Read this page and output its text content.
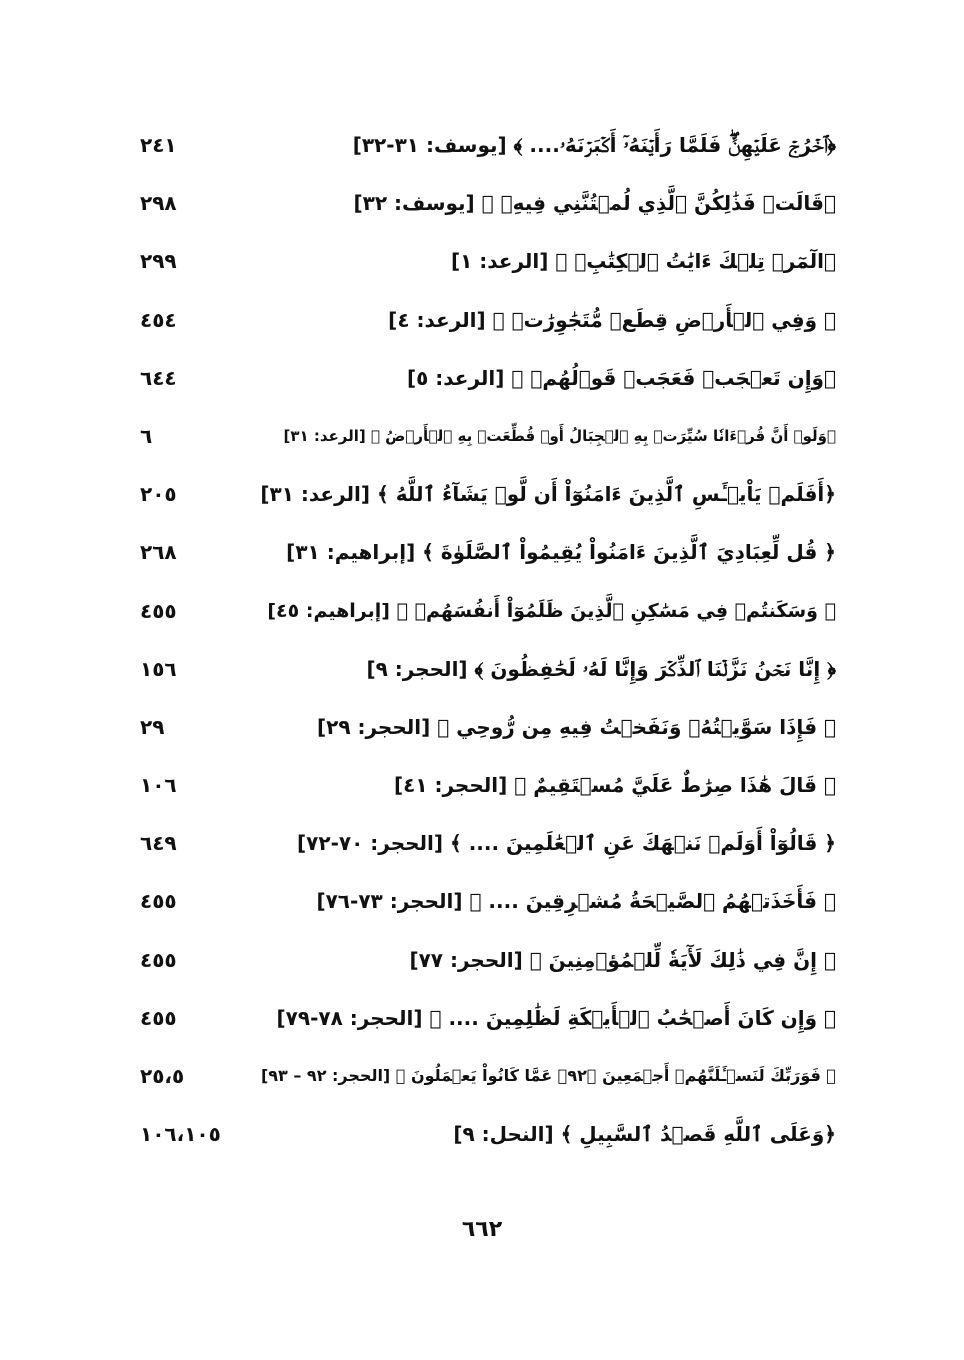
﴿ٱخۡرُجۡ عَلَيۡهِنَّۖ فَلَمَّا رَأَيۡنَهُۥٓ أَكۡبَرۡنَهُۥ.... ﴾ [يوسف: ٣١-٣٢]
٢٤١
﴿قَالَتۡ فَذَٰلِكُنَّ ٱلَّذِي لُمۡتُنَّنِي فِيهِۖ ﴾ [يوسف: ٣٢]
٢٩٨
﴿الٓمٓرۚ تِلۡكَ ءَايَٰتُ ٱلۡكِتَٰبِۗ ﴾ [الرعد: ١]
٢٩٩
﴿ وَفِي ٱلۡأَرۡضِ قِطَعٞ مُّتَجَٰوِرَٰتٞ ﴾ [الرعد: ٤]
٤٥٤
﴿وَإِن تَعۡجَبۡ فَعَجَبٞ قَوۡلُهُمۡ ﴾ [الرعد: ٥]
٦٤٤
﴿وَلَوۡ أَنَّ قُرۡءَانٗا سُيِّرَتۡ بِهِ ٱلۡجِبَالُ أَوۡ قُطِّعَتۡ بِهِ ٱلۡأَرۡضُ ﴾ [الرعد: ٣١]
٦
﴿أَفَلَمۡ يَاْيۡـَٔسِ ٱلَّذِينَ ءَامَنُوٓاْ أَن لَّوۡ يَشَآءُ ٱللَّهُ ﴾ [الرعد: ٣١]
٢٠٥
﴿ قُل لِّعِبَادِيَ ٱلَّذِينَ ءَامَنُواْ يُقِيمُواْ ٱلصَّلَوٰةَ ﴾ [إبراهيم: ٣١]
٢٦٨
﴿ وَسَكَنتُمۡ فِي مَسَٰكِنِ ٱلَّذِينَ ظَلَمُوٓاْ أَنفُسَهُمۡ ﴾ [إبراهيم: ٤٥]
٤٥٥
﴿ إِنَّا نَحۡنُ نَزَّلۡنَا ٱلذِّكۡرَ وَإِنَّا لَهُۥ لَحَٰفِظُونَ ﴾ [الحجر: ٩]
١٥٦
﴿ فَإِذَا سَوَّيۡتُهُۥ وَنَفَخۡتُ فِيهِ مِن رُّوحِي ﴾ [الحجر: ٢٩]
٢٩
﴿ قَالَ هَٰذَا صِرَٰطٌ عَلَيَّ مُسۡتَقِيمٌ ﴾ [الحجر: ٤١]
١٠٦
﴿ قَالُوٓاْ أَوَلَمۡ نَنۡهَكَ عَنِ ٱلۡعَٰلَمِينَ .... ﴾ [الحجر: ٧٠-٧٢]
٦٤٩
﴿ فَأَخَذَتۡهُمُ ٱلصَّيۡحَةُ مُشۡرِقِينَ .... ﴾ [الحجر: ٧٣-٧٦]
٤٥٥
﴿ إِنَّ فِي ذَٰلِكَ لَأٓيَةٗ لِّلۡمُؤۡمِنِينَ ﴾ [الحجر: ٧٧]
٤٥٥
﴿ وَإِن كَانَ أَصۡحَٰبُ ٱلۡأَيۡكَةِ لَظَٰلِمِينَ .... ﴾ [الحجر: ٧٨-٧٩]
٤٥٥
﴿ فَوَرَبِّكَ لَنَسۡـَٔلَنَّهُمۡ أَجۡمَعِينَ ﴿٩٢﴾ عَمَّا كَانُواْ يَعۡمَلُونَ ﴾ [الحجر: ٩٢ – ٩٣]
٢٥،٥
﴿وَعَلَى ٱللَّهِ قَصۡدُ ٱلسَّبِيلِ ﴾ [النحل: ٩]
١٠٦،١٠٥
٦٦٢
